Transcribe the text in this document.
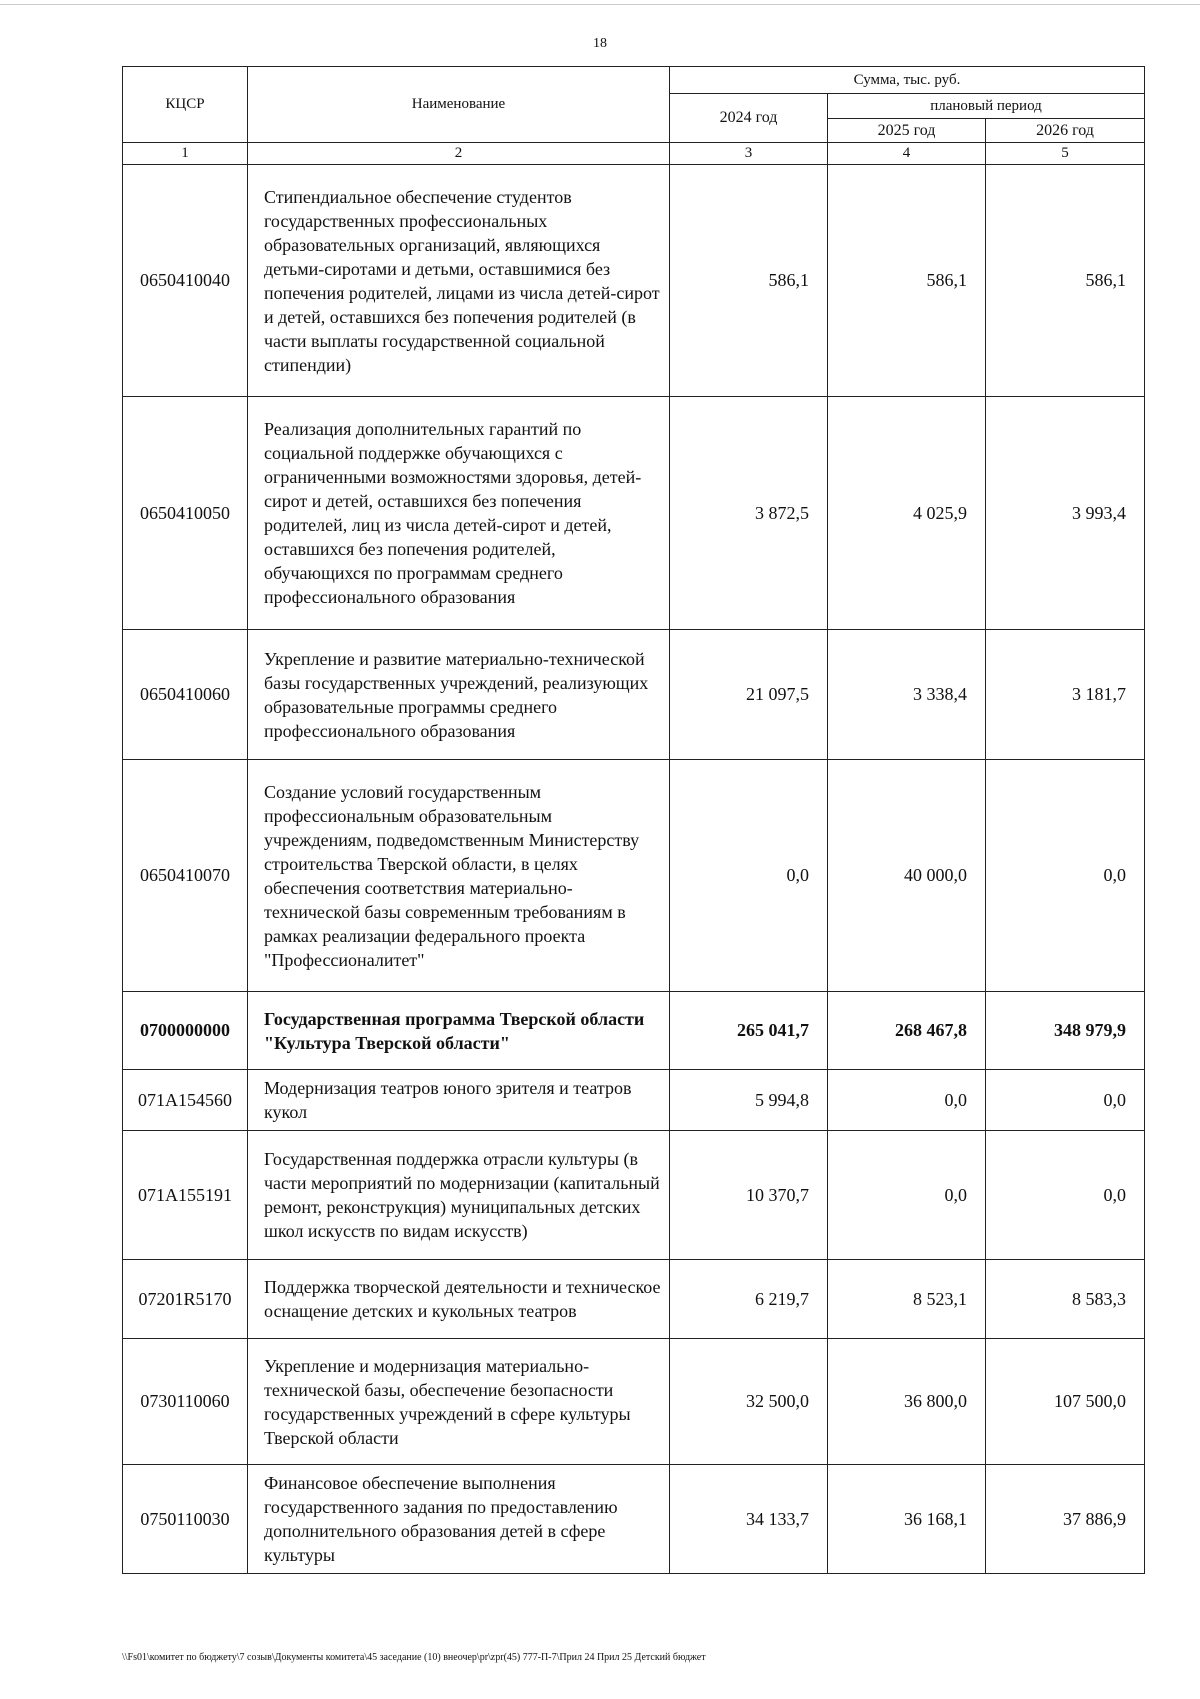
18
КЦСР	Наименование	Сумма, тыс. руб.		
		2024 год	плановый период	
			2025 год	2026 год
1	2	3	4	5
0650410040	Стипендиальное обеспечение студентов государственных профессиональных образовательных организаций, являющихся детьми-сиротами и детьми, оставшимися без попечения родителей, лицами из числа детей-сирот и детей, оставшихся без попечения родителей (в части выплаты государственной социальной стипендии)	586,1	586,1	586,1
0650410050	Реализация дополнительных гарантий по социальной поддержке обучающихся с ограниченными возможностями здоровья, детей-сирот и детей, оставшихся без попечения родителей, лиц из числа детей-сирот и детей, оставшихся без попечения родителей, обучающихся по программам среднего профессионального образования	3 872,5	4 025,9	3 993,4
0650410060	Укрепление и развитие материально-технической базы государственных учреждений, реализующих образовательные программы среднего профессионального образования	21 097,5	3 338,4	3 181,7
0650410070	Создание условий государственным профессиональным образовательным учреждениям, подведомственным Министерству строительства Тверской области, в целях обеспечения соответствия материально-технической базы современным требованиям в рамках реализации федерального проекта "Профессионалитет"	0,0	40 000,0	0,0
0700000000	Государственная программа Тверской области "Культура Тверской области"	265 041,7	268 467,8	348 979,9
071A154560	Модернизация театров юного зрителя и театров кукол	5 994,8	0,0	0,0
071A155191	Государственная поддержка отрасли культуры (в части мероприятий по модернизации (капитальный ремонт, реконструкция) муниципальных детских школ искусств по видам искусств)	10 370,7	0,0	0,0
07201R5170	Поддержка творческой деятельности и техническое оснащение детских и кукольных театров	6 219,7	8 523,1	8 583,3
0730110060	Укрепление и модернизация материально-технической базы, обеспечение безопасности государственных учреждений в сфере культуры Тверской области	32 500,0	36 800,0	107 500,0
0750110030	Финансовое обеспечение выполнения государственного задания по предоставлению дополнительного образования детей в сфере культуры	34 133,7	36 168,1	37 886,9
\\Fs01\комитет по бюджету\7 созыв\Документы комитета\45 заседание (10) внеочер\pr\zpr(45) 777-П-7\Прил 24 Прил 25 Детский бюджет
